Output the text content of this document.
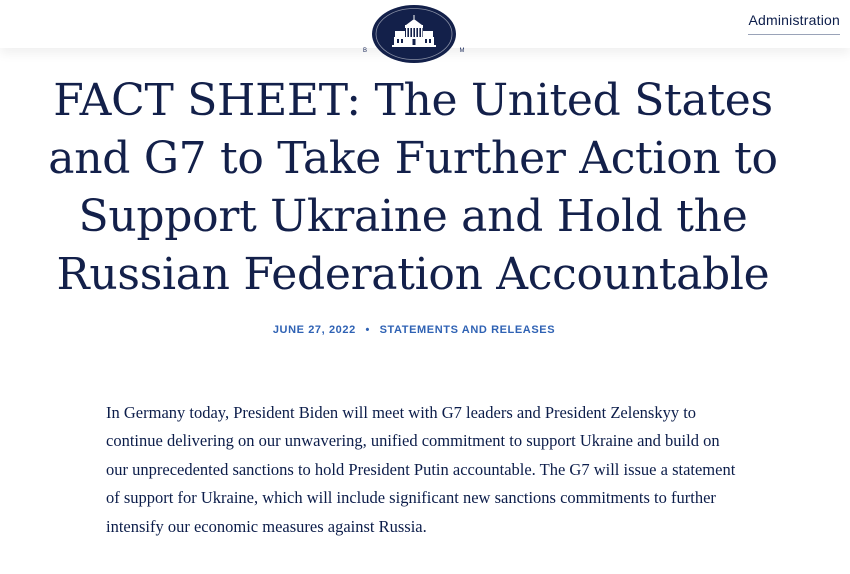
B	M
Administration
FACT SHEET: The United States and G7 to Take Further Action to Support Ukraine and Hold the Russian Federation Accountable
JUNE 27, 2022 • STATEMENTS AND RELEASES

In Germany today, President Biden will meet with G7 leaders and President Zelenskyy to continue delivering on our unwavering, unified commitment to support Ukraine and build on our unprecedented sanctions to hold President Putin accountable. The G7 will issue a statement of support for Ukraine, which will include significant new sanctions commitments to further intensify our economic measures against Russia.
